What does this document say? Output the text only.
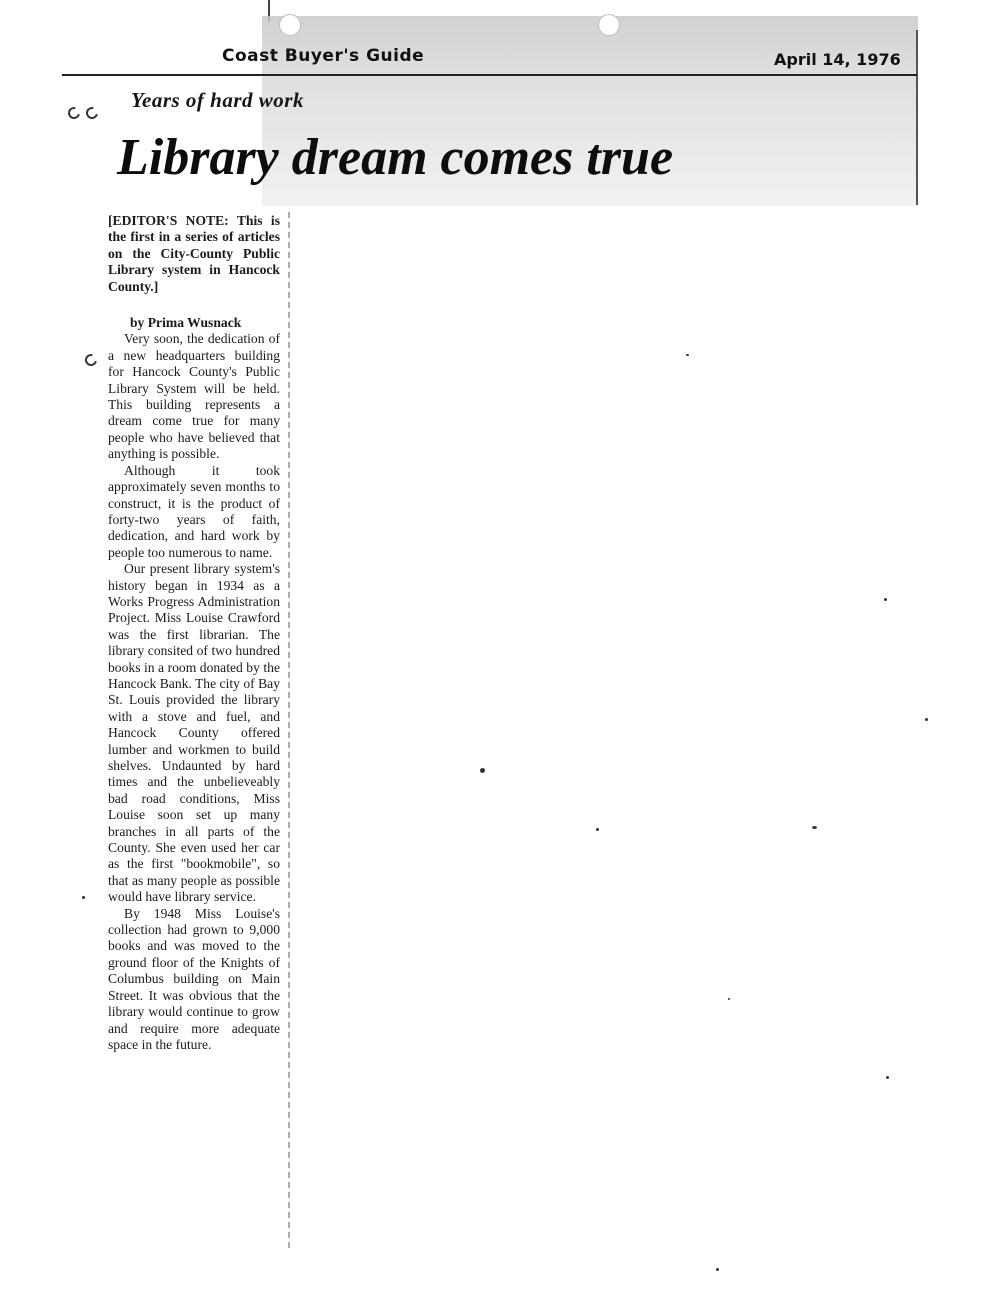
Coast Buyer's Guide	April 14, 1976
Years of hard work
Library dream comes true

[EDITOR'S NOTE: This is the first in a series of articles on the City-County Public Library system in Hancock County.]

by Prima Wusnack

Very soon, the dedication of a new headquarters building for Hancock County's Public Library System will be held. This building represents a dream come true for many people who have believed that anything is possible.

Although it took approximately seven months to construct, it is the product of forty-two years of faith, dedication, and hard work by people too numerous to name.

Our present library system's history began in 1934 as a Works Progress Administration Project. Miss Louise Crawford was the first librarian. The library consited of two hundred books in a room donated by the Hancock Bank. The city of Bay St. Louis provided the library with a stove and fuel, and Hancock County offered lumber and workmen to build shelves. Undaunted by hard times and the unbelieveably bad road conditions, Miss Louise soon set up many branches in all parts of the County. She even used her car as the first "bookmobile", so that as many people as possible would have library service.

By 1948 Miss Louise's collection had grown to 9,000 books and was moved to the ground floor of the Knights of Columbus building on Main Street. It was obvious that the library would continue to grow and require more adequate space in the future.
